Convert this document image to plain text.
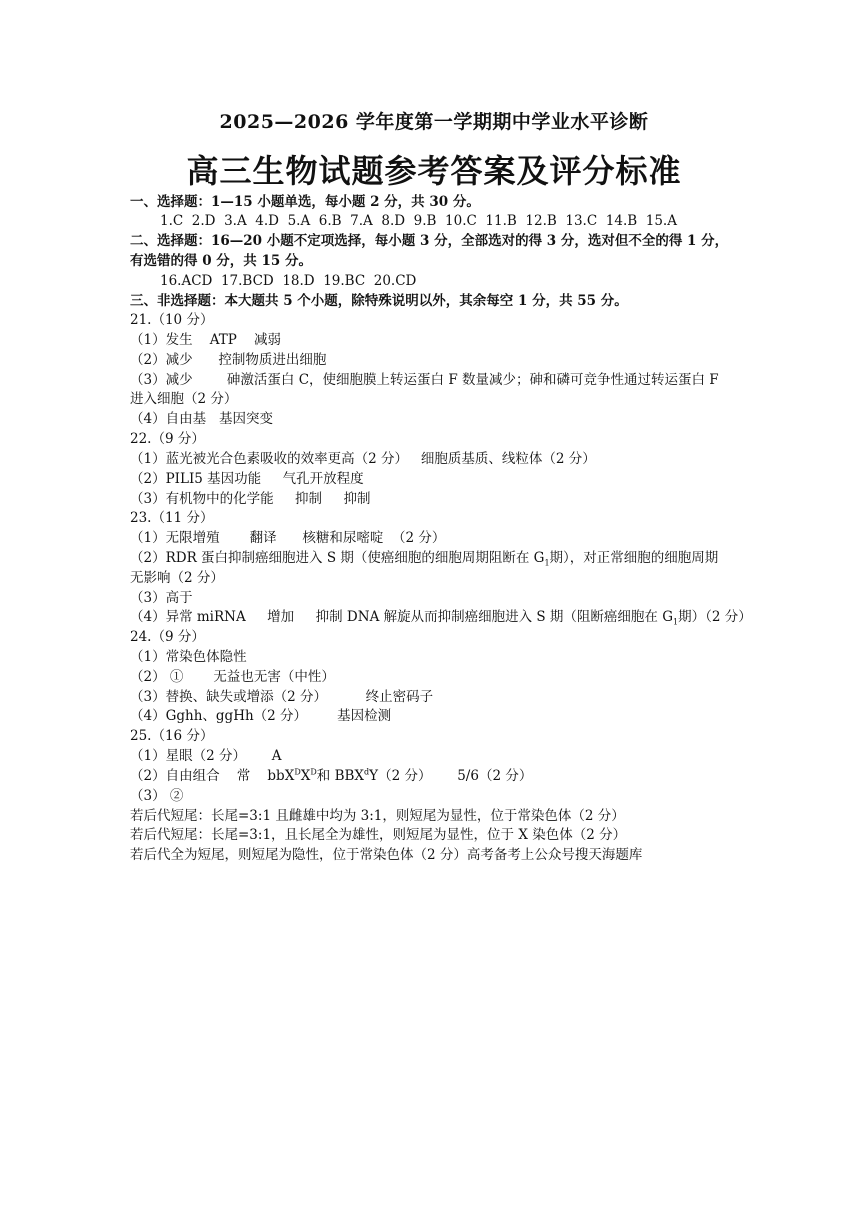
2025—2026 学年度第一学期期中学业水平诊断
高三生物试题参考答案及评分标准
一、选择题：1—15 小题单选，每小题 2 分，共 30 分。
1.C  2.D  3.A  4.D  5.A  6.B  7.A  8.D  9.B  10.C  11.B  12.B  13.C  14.B  15.A
二、选择题：16—20 小题不定项选择，每小题 3 分，全部选对的得 3 分，选对但不全的得 1 分，
有选错的得 0 分，共 15 分。
16.ACD  17.BCD  18.D  19.BC  20.CD
三、非选择题：本大题共 5 个小题，除特殊说明以外，其余每空 1 分，共 55 分。
21.（10 分）
（1）发生    ATP    减弱
（2）减少      控制物质进出细胞
（3）减少        砷激活蛋白 C，使细胞膜上转运蛋白 F 数量减少；砷和磷可竞争性通过转运蛋白 F
进入细胞（2 分）
（4）自由基   基因突变
22.（9 分）
（1）蓝光被光合色素吸收的效率更高（2 分）   细胞质基质、线粒体（2 分）
（2）PILI5 基因功能     气孔开放程度
（3）有机物中的化学能     抑制     抑制
23.（11 分）
（1）无限增殖       翻译      核糖和尿嘧啶  （2 分）
（2）RDR 蛋白抑制癌细胞进入 S 期（使癌细胞的细胞周期阻断在 $G_1$期），对正常细胞的细胞周期
无影响（2 分）
（3）高于
（4）异常 miRNA     增加     抑制 DNA 解旋从而抑制癌细胞进入 S 期（阻断癌细胞在 $G_1$期）（2 分）
24.（9 分）
（1）常染色体隐性
（2） ①       无益也无害（中性）
（3）替换、缺失或增添（2 分）         终止密码子
（4）Gghh、ggHh（2 分）       基因检测
25.（16 分）
（1）星眼（2 分）      A
（2）自由组合    常    $bbX^DX^D$和 BBX$^d$Y（2 分）      5/6（2 分）
（3） ②
若后代短尾：长尾=3:1 且雌雄中均为 3:1，则短尾为显性，位于常染色体（2 分）
若后代短尾：长尾=3:1，且长尾全为雄性，则短尾为显性，位于 X 染色体（2 分）
若后代全为短尾，则短尾为隐性，位于常染色体（2 分）高考备考上公众号搜天海题库
